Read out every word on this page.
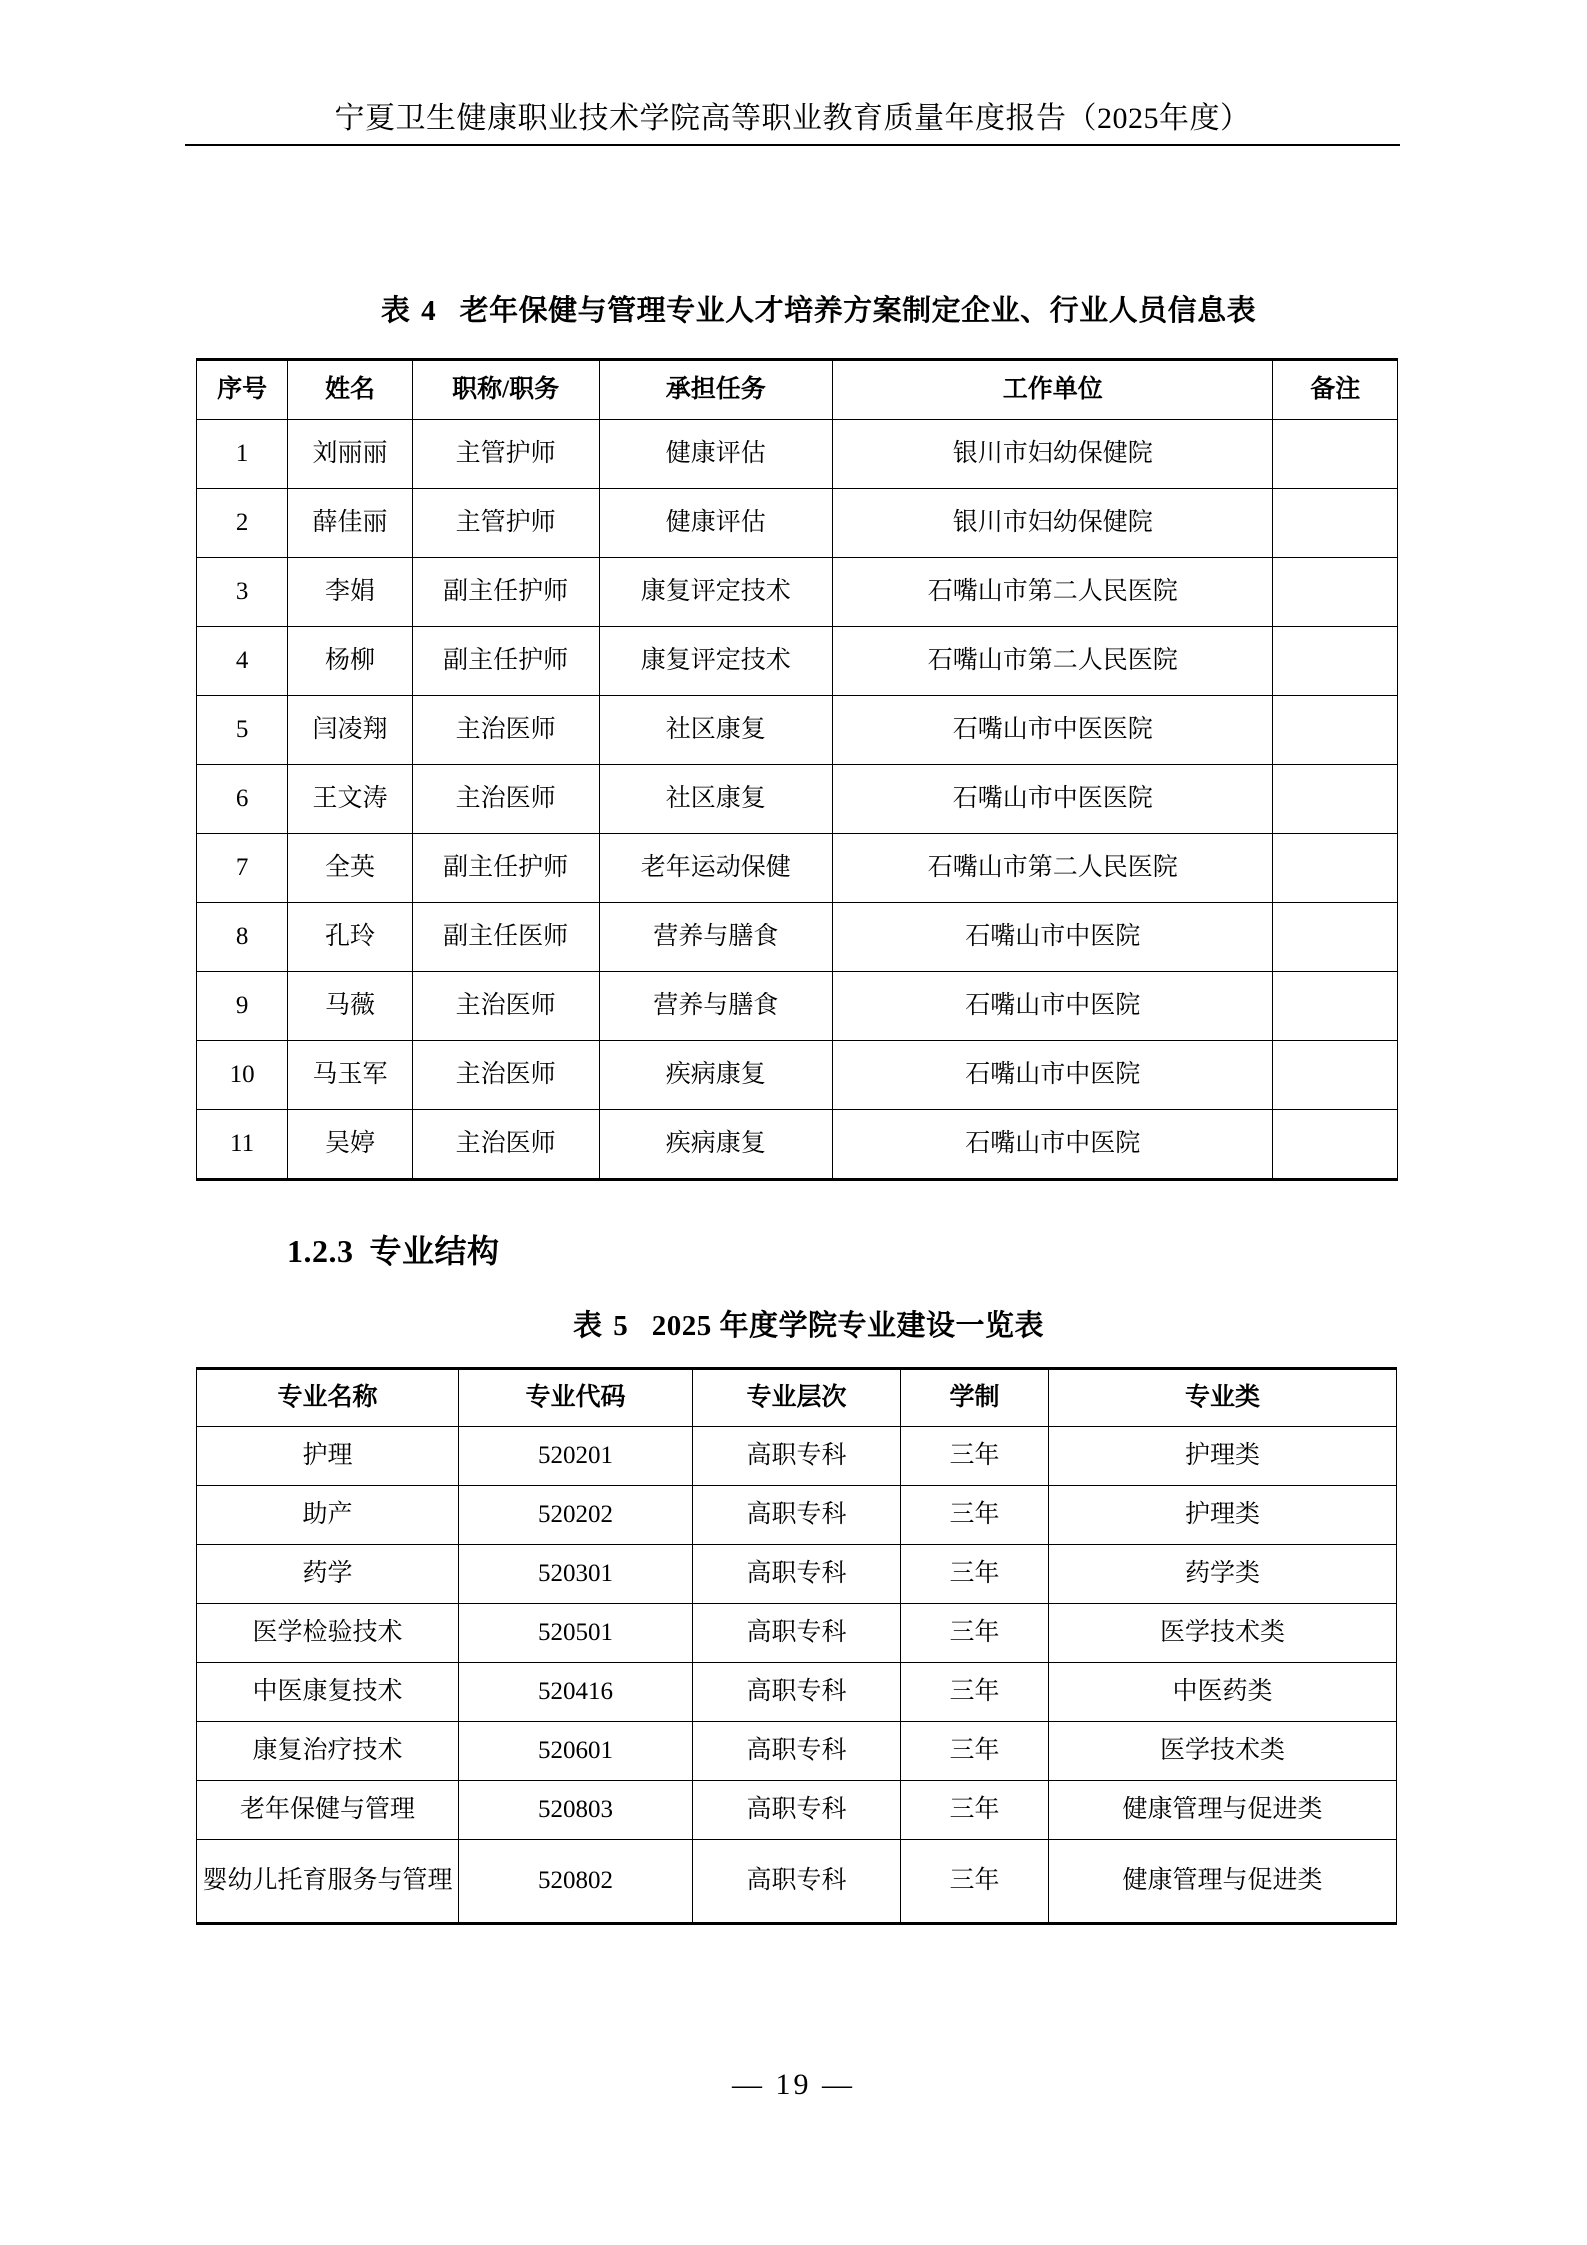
宁夏卫生健康职业技术学院高等职业教育质量年度报告（2025年度）
表 4 老年保健与管理专业人才培养方案制定企业、行业人员信息表
序号	姓名	职称/职务	承担任务	工作单位	备注
1	刘丽丽	主管护师	健康评估	银川市妇幼保健院	
2	薛佳丽	主管护师	健康评估	银川市妇幼保健院	
3	李娟	副主任护师	康复评定技术	石嘴山市第二人民医院	
4	杨柳	副主任护师	康复评定技术	石嘴山市第二人民医院	
5	闫凌翔	主治医师	社区康复	石嘴山市中医医院	
6	王文涛	主治医师	社区康复	石嘴山市中医医院	
7	全英	副主任护师	老年运动保健	石嘴山市第二人民医院	
8	孔玲	副主任医师	营养与膳食	石嘴山市中医院	
9	马薇	主治医师	营养与膳食	石嘴山市中医院	
10	马玉军	主治医师	疾病康复	石嘴山市中医院	
11	吴婷	主治医师	疾病康复	石嘴山市中医院	
1.2.3 专业结构
表 5 2025 年度学院专业建设一览表
专业名称	专业代码	专业层次	学制	专业类
护理	520201	高职专科	三年	护理类
助产	520202	高职专科	三年	护理类
药学	520301	高职专科	三年	药学类
医学检验技术	520501	高职专科	三年	医学技术类
中医康复技术	520416	高职专科	三年	中医药类
康复治疗技术	520601	高职专科	三年	医学技术类
老年保健与管理	520803	高职专科	三年	健康管理与促进类
婴幼儿托育服务与管理	520802	高职专科	三年	健康管理与促进类
— 19 —
